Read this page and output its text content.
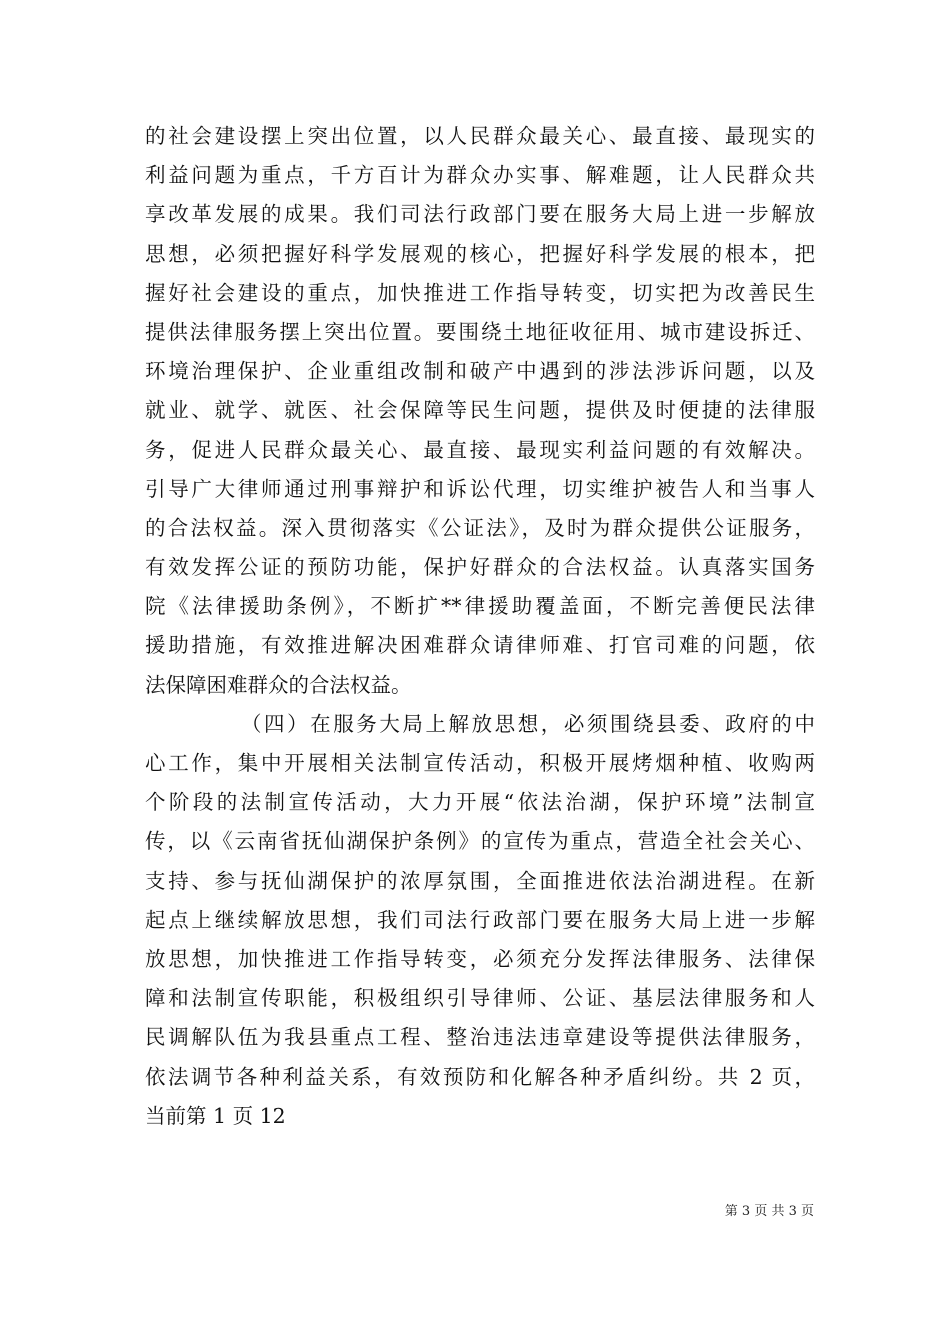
的社会建设摆上突出位置，以人民群众最关心、最直接、最现实的
利益问题为重点，千方百计为群众办实事、解难题，让人民群众共
享改革发展的成果。我们司法行政部门要在服务大局上进一步解放
思想，必须把握好科学发展观的核心，把握好科学发展的根本，把
握好社会建设的重点，加快推进工作指导转变，切实把为改善民生
提供法律服务摆上突出位置。要围绕土地征收征用、城市建设拆迁、
环境治理保护、企业重组改制和破产中遇到的涉法涉诉问题，以及
就业、就学、就医、社会保障等民生问题，提供及时便捷的法律服
务，促进人民群众最关心、最直接、最现实利益问题的有效解决。
引导广大律师通过刑事辩护和诉讼代理，切实维护被告人和当事人
的合法权益。深入贯彻落实《公证法》，及时为群众提供公证服务，
有效发挥公证的预防功能，保护好群众的合法权益。认真落实国务
院《法律援助条例》，不断扩**律援助覆盖面，不断完善便民法律
援助措施，有效推进解决困难群众请律师难、打官司难的问题，依
法保障困难群众的合法权益。
（四）在服务大局上解放思想，必须围绕县委、政府的中
心工作，集中开展相关法制宣传活动，积极开展烤烟种植、收购两
个阶段的法制宣传活动，大力开展“依法治湖，保护环境”法制宣
传，以《云南省抚仙湖保护条例》的宣传为重点，营造全社会关心、
支持、参与抚仙湖保护的浓厚氛围，全面推进依法治湖进程。在新
起点上继续解放思想，我们司法行政部门要在服务大局上进一步解
放思想，加快推进工作指导转变，必须充分发挥法律服务、法律保
障和法制宣传职能，积极组织引导律师、公证、基层法律服务和人
民调解队伍为我县重点工程、整治违法违章建设等提供法律服务，
依法调节各种利益关系，有效预防和化解各种矛盾纠纷。共 2 页，
当前第 1 页 12
第 3 页 共 3 页
